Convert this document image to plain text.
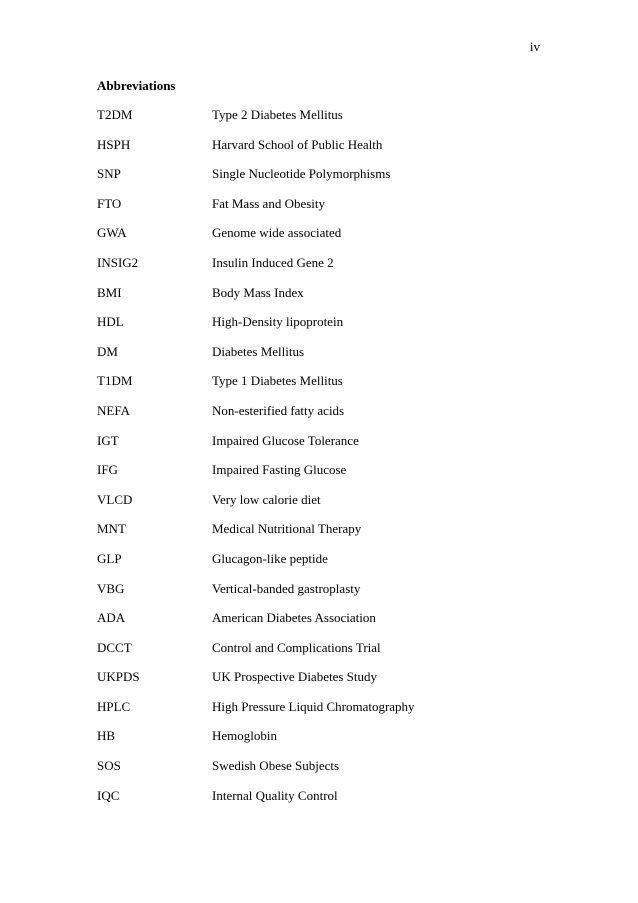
iv
Abbreviations
T2DM	Type 2 Diabetes Mellitus
HSPH	Harvard School of Public Health
SNP	Single Nucleotide Polymorphisms
FTO	Fat Mass and Obesity
GWA	Genome wide associated
INSIG2	Insulin Induced Gene 2
BMI	Body Mass Index
HDL	High-Density lipoprotein
DM	Diabetes Mellitus
T1DM	Type 1 Diabetes Mellitus
NEFA	Non-esterified fatty acids
IGT	Impaired Glucose Tolerance
IFG	Impaired Fasting Glucose
VLCD	Very low calorie diet
MNT	Medical Nutritional Therapy
GLP	Glucagon-like peptide
VBG	Vertical-banded gastroplasty
ADA	American Diabetes Association
DCCT	Control and Complications Trial
UKPDS	UK Prospective Diabetes Study
HPLC	High Pressure Liquid Chromatography
HB	Hemoglobin
SOS	Swedish Obese Subjects
IQC	Internal Quality Control
